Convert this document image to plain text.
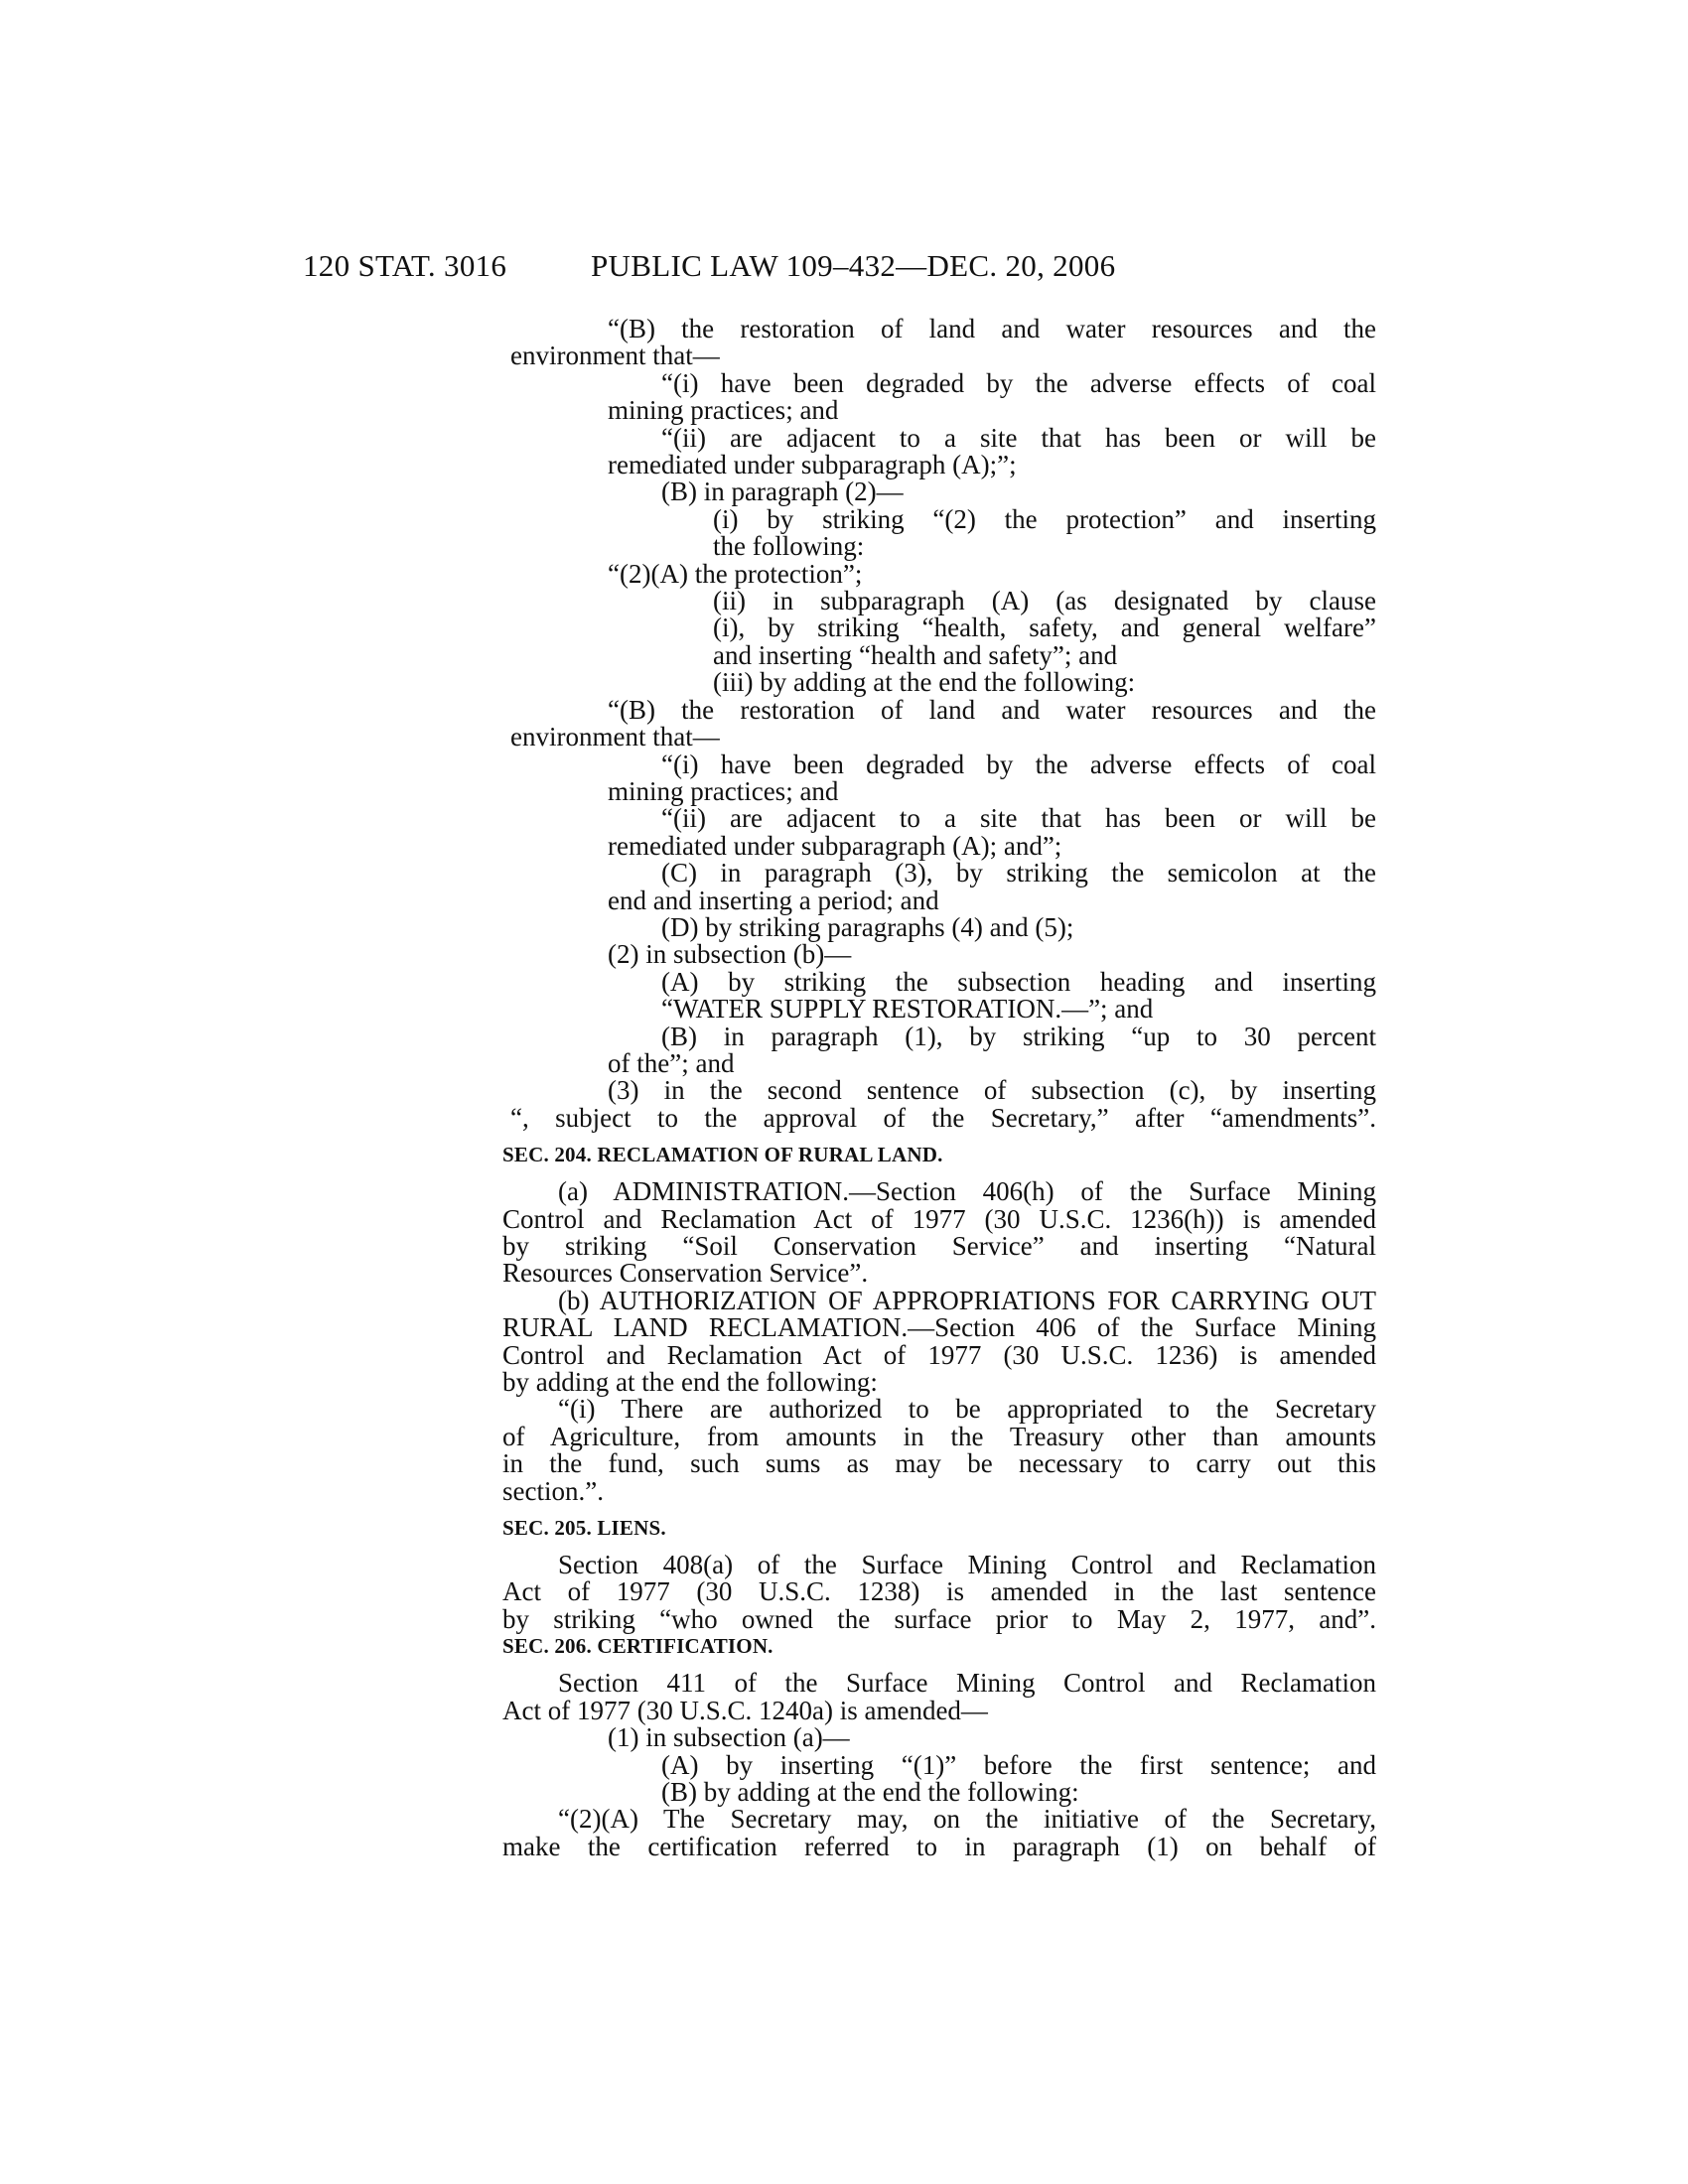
120 STAT. 3016	PUBLIC LAW 109–432—DEC. 20, 2006
“(B) the restoration of land and water resources and the
environment that—
“(i) have been degraded by the adverse effects of coal
mining practices; and
“(ii) are adjacent to a site that has been or will be
remediated under subparagraph (A);”;
(B) in paragraph (2)—
(i) by striking “(2) the protection” and inserting
the following:
“(2)(A) the protection”;
(ii) in subparagraph (A) (as designated by clause
(i), by striking “health, safety, and general welfare”
and inserting “health and safety”; and
(iii) by adding at the end the following:
“(B) the restoration of land and water resources and the
environment that—
“(i) have been degraded by the adverse effects of coal
mining practices; and
“(ii) are adjacent to a site that has been or will be
remediated under subparagraph (A); and”;
(C) in paragraph (3), by striking the semicolon at the
end and inserting a period; and
(D) by striking paragraphs (4) and (5);
(2) in subsection (b)—
(A) by striking the subsection heading and inserting
“WATER SUPPLY RESTORATION.—”; and
(B) in paragraph (1), by striking “up to 30 percent
of the”; and
(3) in the second sentence of subsection (c), by inserting
“, subject to the approval of the Secretary,” after “amendments”.
SEC. 204. RECLAMATION OF RURAL LAND.
(a) ADMINISTRATION.—Section 406(h) of the Surface Mining
Control and Reclamation Act of 1977 (30 U.S.C. 1236(h)) is amended
by striking “Soil Conservation Service” and inserting “Natural
Resources Conservation Service”.
(b) AUTHORIZATION OF APPROPRIATIONS FOR CARRYING OUT
RURAL LAND RECLAMATION.—Section 406 of the Surface Mining
Control and Reclamation Act of 1977 (30 U.S.C. 1236) is amended
by adding at the end the following:
“(i) There are authorized to be appropriated to the Secretary
of Agriculture, from amounts in the Treasury other than amounts
in the fund, such sums as may be necessary to carry out this
section.”.
SEC. 205. LIENS.
Section 408(a) of the Surface Mining Control and Reclamation
Act of 1977 (30 U.S.C. 1238) is amended in the last sentence
by striking “who owned the surface prior to May 2, 1977, and”.
SEC. 206. CERTIFICATION.
Section 411 of the Surface Mining Control and Reclamation
Act of 1977 (30 U.S.C. 1240a) is amended—
(1) in subsection (a)—
(A) by inserting “(1)” before the first sentence; and
(B) by adding at the end the following:
“(2)(A) The Secretary may, on the initiative of the Secretary,
make the certification referred to in paragraph (1) on behalf of
